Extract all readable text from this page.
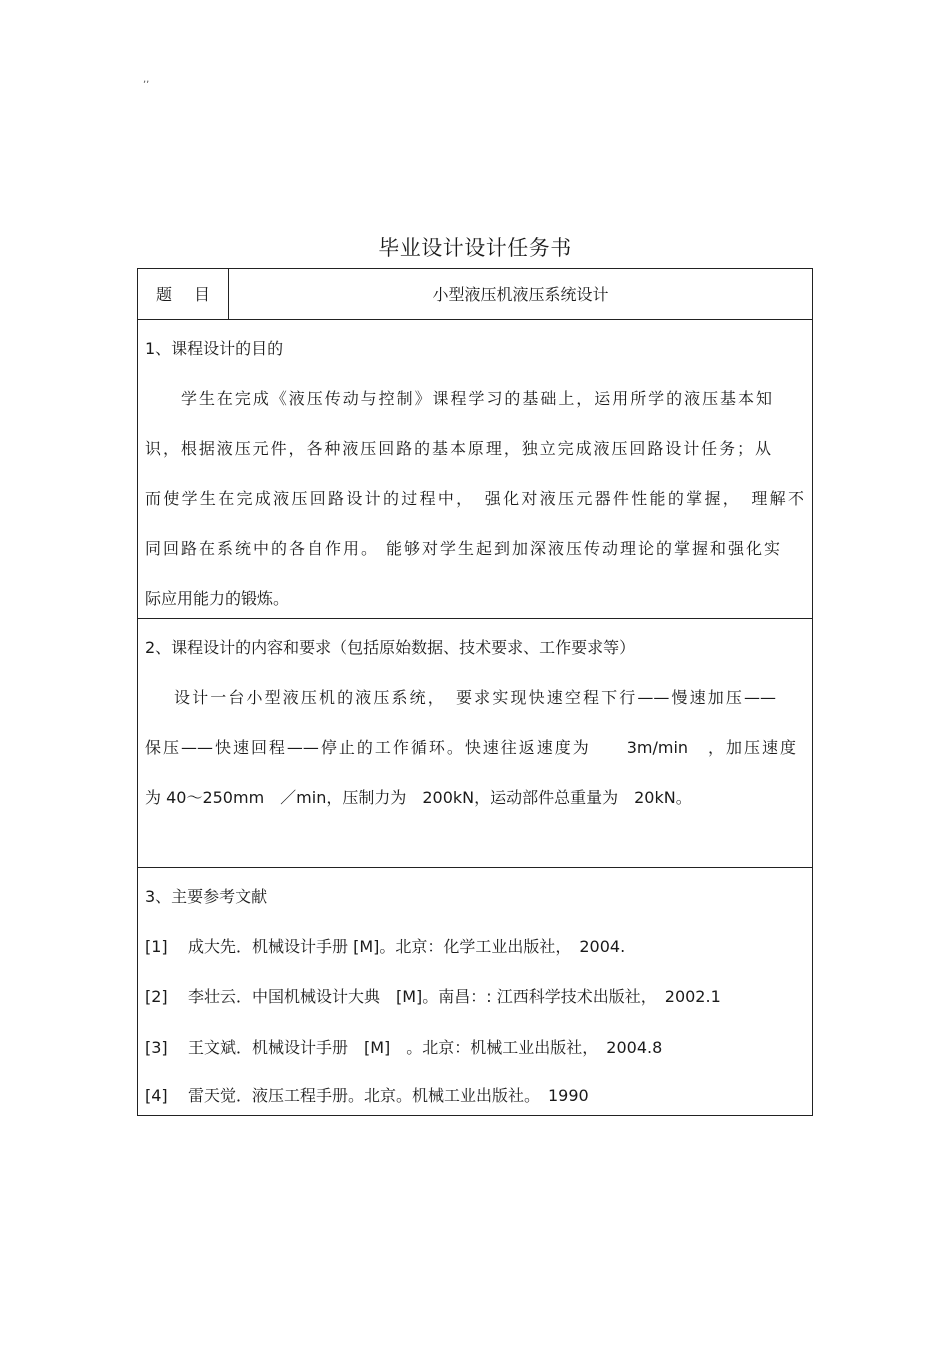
,,
毕业设计设计任务书
题 目	小型液压机液压系统设计
1、课程设计的目的
学生在完成《液压传动与控制》课程学习的基础上，运用所学的液压基本知
识，根据液压元件，各种液压回路的基本原理，独立完成液压回路设计任务；从
而使学生在完成液压回路设计的过程中，　强化对液压元器件性能的掌握，　理解不
同回路在系统中的各自作用。 能够对学生起到加深液压传动理论的掌握和强化实
际应用能力的锻炼。
2、课程设计的内容和要求（包括原始数据、技术要求、工作要求等）
设计一台小型液压机的液压系统，　要求实现快速空程下行——慢速加压——
保压——快速回程——停止的工作循环。快速往返速度为　　3m/min　，加压速度
为 40～250mm　／min，压制力为　200kN，运动部件总重量为　20kN。
3、主要参考文献
[1] 成大先．机械设计手册 [M]。北京：化学工业出版社，　2004.
[2] 李壮云．中国机械设计大典　[M]。南昌：: 江西科学技术出版社，　2002.1
[3] 王文斌．机械设计手册　[M]　。北京：机械工业出版社，　2004.8
[4] 雷天觉．液压工程手册。北京。机械工业出版社。　1990
